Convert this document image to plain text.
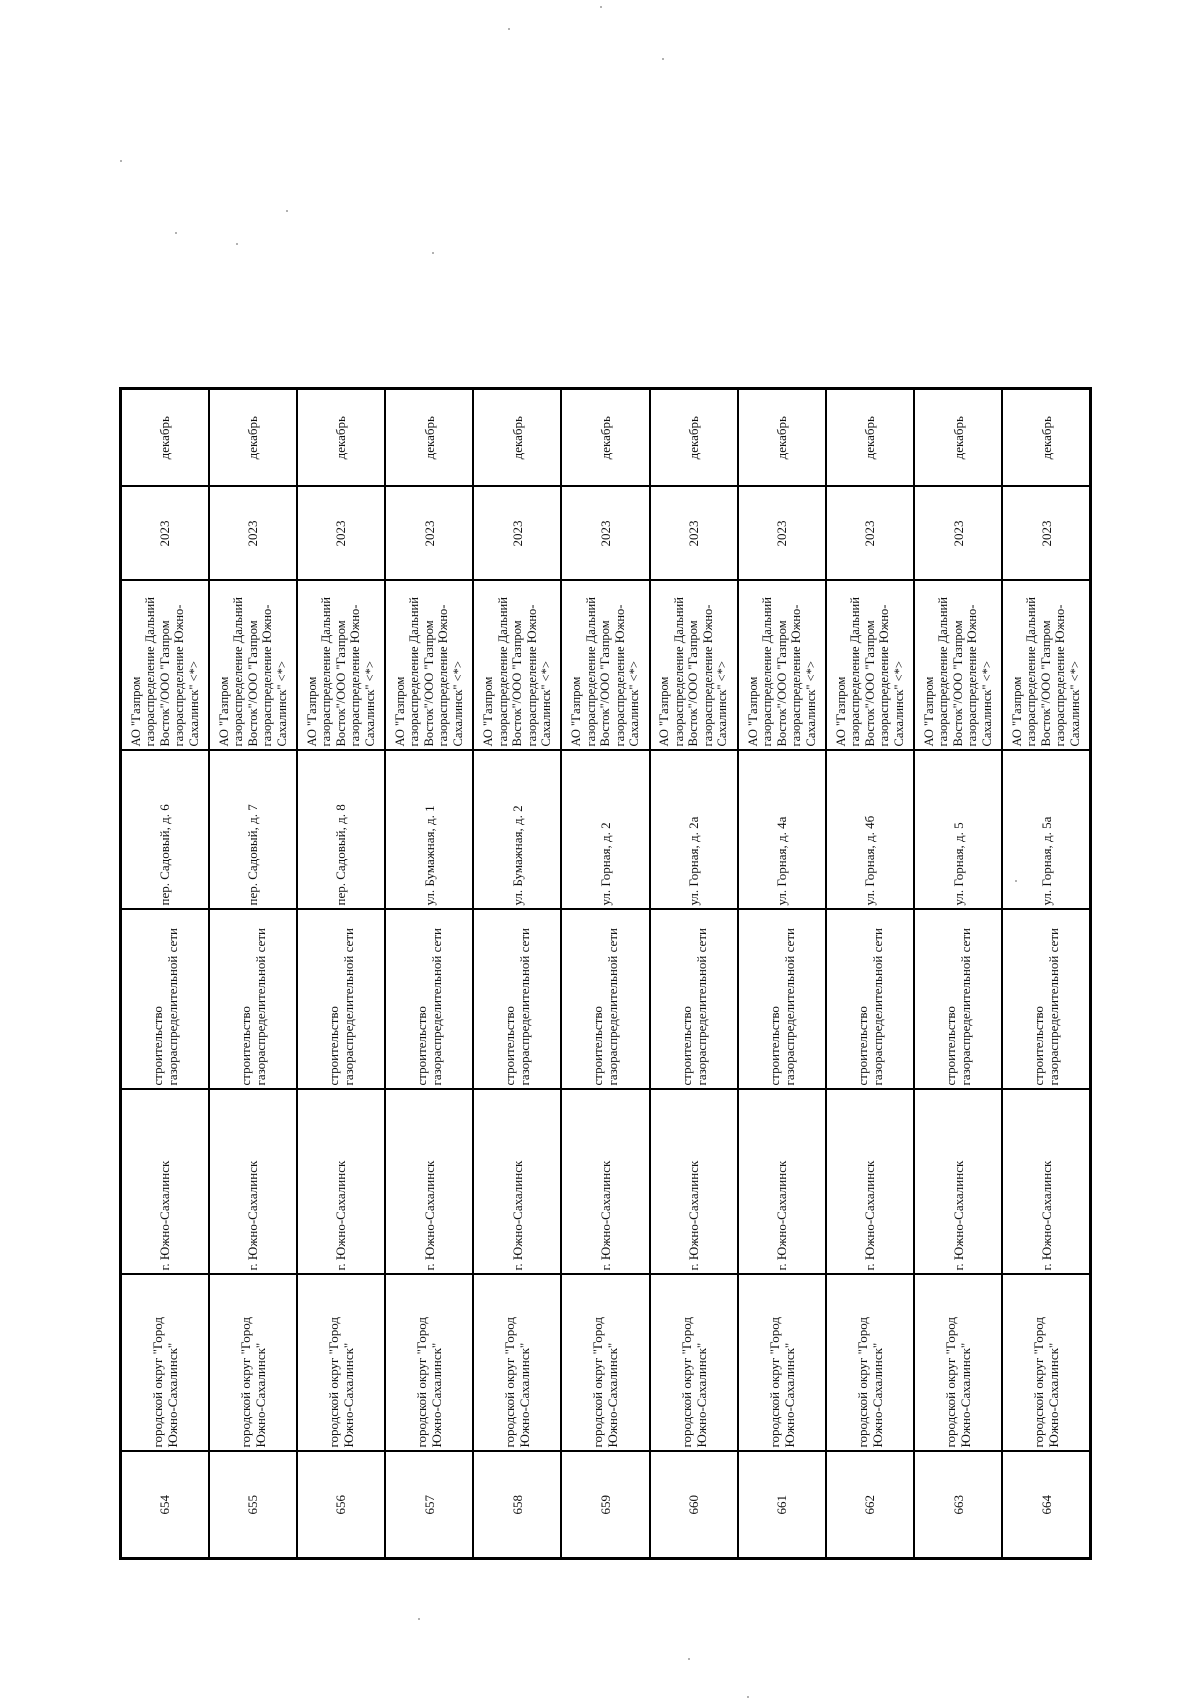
654	городской округ "Город Южно-Сахалинск"	г. Южно-Сахалинск	строительство газораспределительной сети	пер. Садовый, д. 6	АО "Газпром газораспределение Дальний Восток"/ООО "Газпром газораспределение Южно-Сахалинск" <*>	2023	декабрь
655	городской округ "Город Южно-Сахалинск"	г. Южно-Сахалинск	строительство газораспределительной сети	пер. Садовый, д. 7	АО "Газпром газораспределение Дальний Восток"/ООО "Газпром газораспределение Южно-Сахалинск" <*>	2023	декабрь
656	городской округ "Город Южно-Сахалинск"	г. Южно-Сахалинск	строительство газораспределительной сети	пер. Садовый, д. 8	АО "Газпром газораспределение Дальний Восток"/ООО "Газпром газораспределение Южно-Сахалинск" <*>	2023	декабрь
657	городской округ "Город Южно-Сахалинск"	г. Южно-Сахалинск	строительство газораспределительной сети	ул. Бумажная, д. 1	АО "Газпром газораспределение Дальний Восток"/ООО "Газпром газораспределение Южно-Сахалинск" <*>	2023	декабрь
658	городской округ "Город Южно-Сахалинск"	г. Южно-Сахалинск	строительство газораспределительной сети	ул. Бумажная, д. 2	АО "Газпром газораспределение Дальний Восток"/ООО "Газпром газораспределение Южно-Сахалинск" <*>	2023	декабрь
659	городской округ "Город Южно-Сахалинск"	г. Южно-Сахалинск	строительство газораспределительной сети	ул. Горная, д. 2	АО "Газпром газораспределение Дальний Восток"/ООО "Газпром газораспределение Южно-Сахалинск" <*>	2023	декабрь
660	городской округ "Город Южно-Сахалинск"	г. Южно-Сахалинск	строительство газораспределительной сети	ул. Горная, д. 2а	АО "Газпром газораспределение Дальний Восток"/ООО "Газпром газораспределение Южно-Сахалинск" <*>	2023	декабрь
661	городской округ "Город Южно-Сахалинск"	г. Южно-Сахалинск	строительство газораспределительной сети	ул. Горная, д. 4а	АО "Газпром газораспределение Дальний Восток"/ООО "Газпром газораспределение Южно-Сахалинск" <*>	2023	декабрь
662	городской округ "Город Южно-Сахалинск"	г. Южно-Сахалинск	строительство газораспределительной сети	ул. Горная, д. 4б	АО "Газпром газораспределение Дальний Восток"/ООО "Газпром газораспределение Южно-Сахалинск" <*>	2023	декабрь
663	городской округ "Город Южно-Сахалинск"	г. Южно-Сахалинск	строительство газораспределительной сети	ул. Горная, д. 5	АО "Газпром газораспределение Дальний Восток"/ООО "Газпром газораспределение Южно-Сахалинск" <*>	2023	декабрь
664	городской округ "Город Южно-Сахалинск"	г. Южно-Сахалинск	строительство газораспределительной сети	ул. Горная, д. 5а	АО "Газпром газораспределение Дальний Восток"/ООО "Газпром газораспределение Южно-Сахалинск" <*>	2023	декабрь
